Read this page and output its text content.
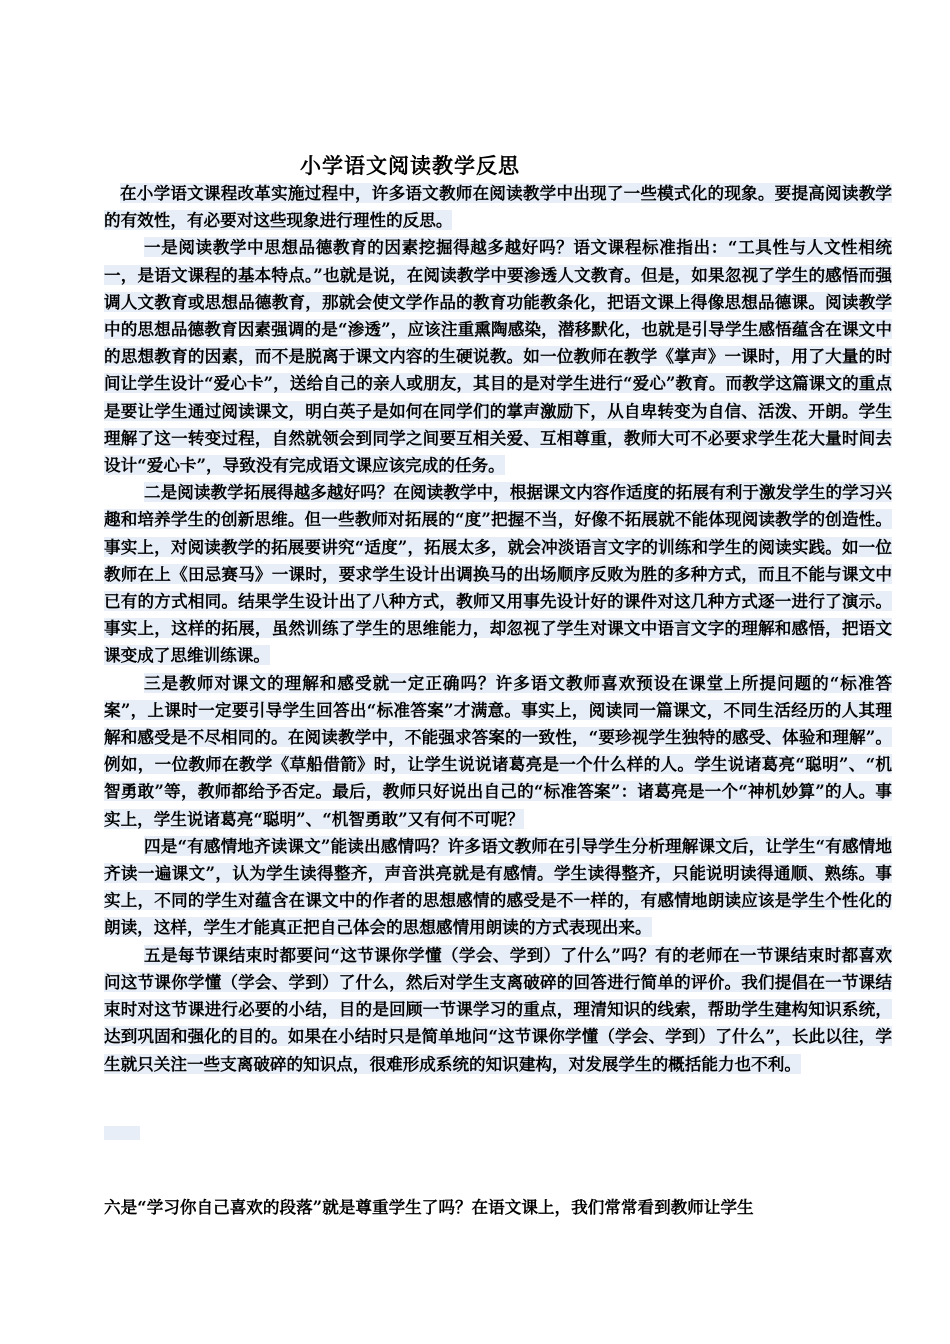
小学语文阅读教学反思

在小学语文课程改革实施过程中，许多语文教师在阅读教学中出现了一些模式化的现象。要提高阅读教学的有效性，有必要对这些现象进行理性的反思。

一是阅读教学中思想品德教育的因素挖掘得越多越好吗？语文课程标准指出：“工具性与人文性相统一，是语文课程的基本特点。”也就是说，在阅读教学中要渗透人文教育。但是，如果忽视了学生的感悟而强调人文教育或思想品德教育，那就会使文学作品的教育功能教条化，把语文课上得像思想品德课。阅读教学中的思想品德教育因素强调的是“渗透”，应该注重熏陶感染，潜移默化，也就是引导学生感悟蕴含在课文中的思想教育的因素，而不是脱离于课文内容的生硬说教。如一位教师在教学《掌声》一课时，用了大量的时间让学生设计“爱心卡”，送给自己的亲人或朋友，其目的是对学生进行“爱心”教育。而教学这篇课文的重点是要让学生通过阅读课文，明白英子是如何在同学们的掌声激励下，从自卑转变为自信、活泼、开朗。学生理解了这一转变过程，自然就领会到同学之间要互相关爱、互相尊重，教师大可不必要求学生花大量时间去设计“爱心卡”，导致没有完成语文课应该完成的任务。

二是阅读教学拓展得越多越好吗？在阅读教学中，根据课文内容作适度的拓展有利于激发学生的学习兴趣和培养学生的创新思维。但一些教师对拓展的“度”把握不当，好像不拓展就不能体现阅读教学的创造性。事实上，对阅读教学的拓展要讲究“适度”，拓展太多，就会冲淡语言文字的训练和学生的阅读实践。如一位教师在上《田忌赛马》一课时，要求学生设计出调换马的出场顺序反败为胜的多种方式，而且不能与课文中已有的方式相同。结果学生设计出了八种方式，教师又用事先设计好的课件对这几种方式逐一进行了演示。事实上，这样的拓展，虽然训练了学生的思维能力，却忽视了学生对课文中语言文字的理解和感悟，把语文课变成了思维训练课。

三是教师对课文的理解和感受就一定正确吗？许多语文教师喜欢预设在课堂上所提问题的“标准答案”，上课时一定要引导学生回答出“标准答案”才满意。事实上，阅读同一篇课文，不同生活经历的人其理解和感受是不尽相同的。在阅读教学中，不能强求答案的一致性，“要珍视学生独特的感受、体验和理解”。例如，一位教师在教学《草船借箭》时，让学生说说诸葛亮是一个什么样的人。学生说诸葛亮“聪明”、“机智勇敢”等，教师都给予否定。最后，教师只好说出自己的“标准答案”：诸葛亮是一个“神机妙算”的人。事实上，学生说诸葛亮“聪明”、“机智勇敢”又有何不可呢？

四是“有感情地齐读课文”能读出感情吗？许多语文教师在引导学生分析理解课文后，让学生“有感情地齐读一遍课文”，认为学生读得整齐，声音洪亮就是有感情。学生读得整齐，只能说明读得通顺、熟练。事实上，不同的学生对蕴含在课文中的作者的思想感情的感受是不一样的，有感情地朗读应该是学生个性化的朗读，这样，学生才能真正把自己体会的思想感情用朗读的方式表现出来。

五是每节课结束时都要问“这节课你学懂（学会、学到）了什么”吗？有的老师在一节课结束时都喜欢问这节课你学懂（学会、学到）了什么，然后对学生支离破碎的回答进行简单的评价。我们提倡在一节课结束时对这节课进行必要的小结，目的是回顾一节课学习的重点，理清知识的线索，帮助学生建构知识系统，达到巩固和强化的目的。如果在小结时只是简单地问“这节课你学懂（学会、学到）了什么”，长此以往，学生就只关注一些支离破碎的知识点，很难形成系统的知识建构，对发展学生的概括能力也不利。

六是“学习你自己喜欢的段落”就是尊重学生了吗？在语文课上，我们常常看到教师让学生
